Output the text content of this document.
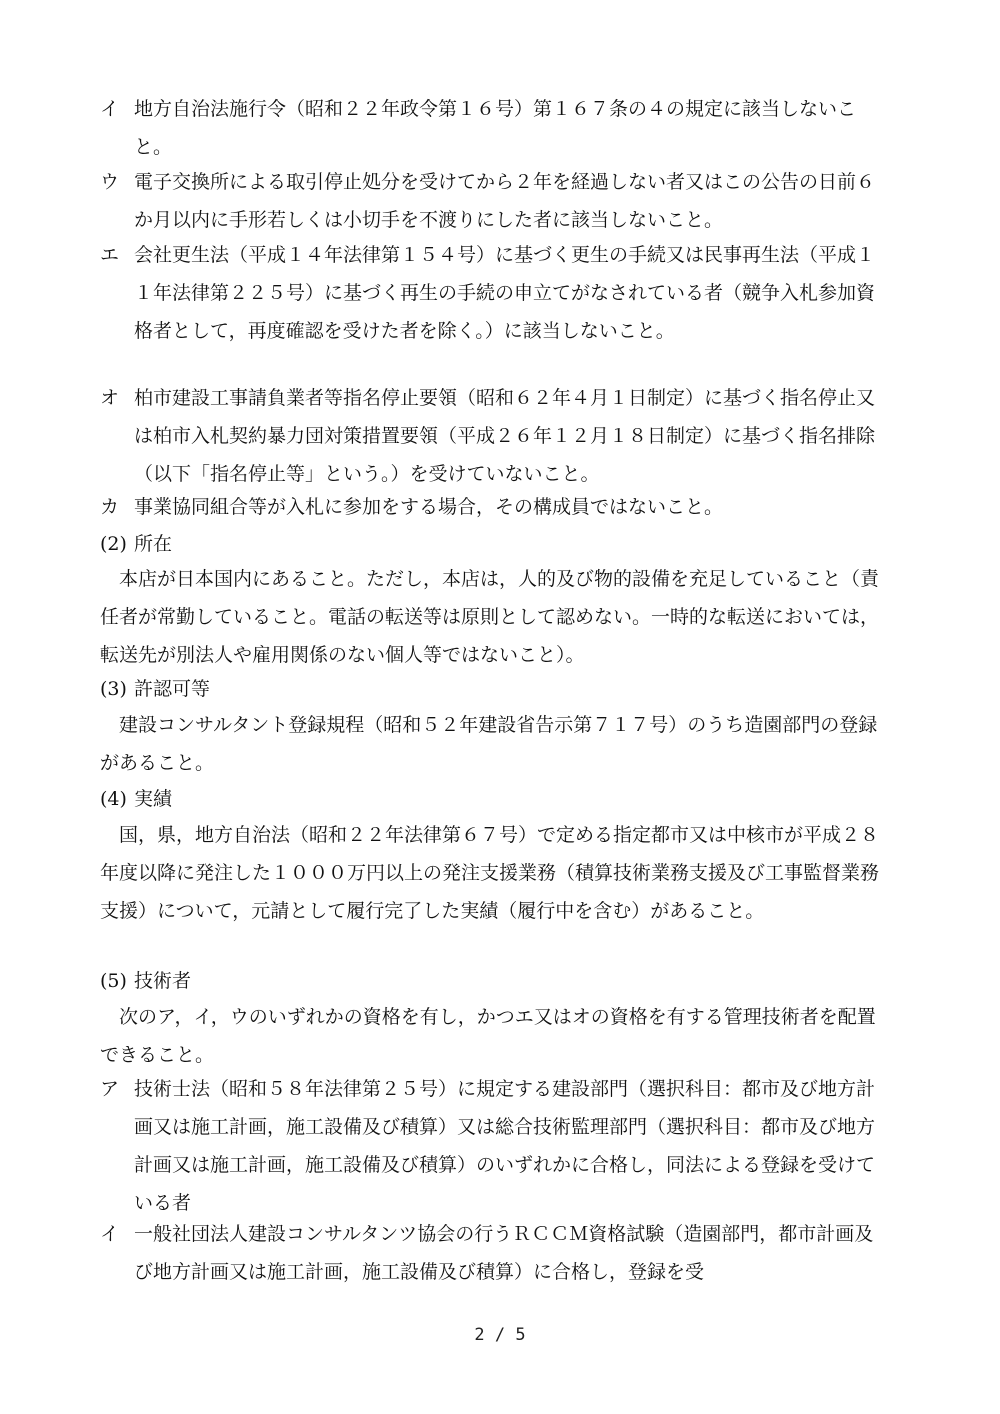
イ 地方自治法施行令（昭和２２年政令第１６号）第１６７条の４の規定に該当しないこと。
ウ 電子交換所による取引停止処分を受けてから２年を経過しない者又はこの公告の日前６か月以内に手形若しくは小切手を不渡りにした者に該当しないこと。
エ 会社更生法（平成１４年法律第１５４号）に基づく更生の手続又は民事再生法（平成１１年法律第２２５号）に基づく再生の手続の申立てがなされている者（競争入札参加資格者として，再度確認を受けた者を除く。）に該当しないこと。
オ 柏市建設工事請負業者等指名停止要領（昭和６２年４月１日制定）に基づく指名停止又は柏市入札契約暴力団対策措置要領（平成２６年１２月１８日制定）に基づく指名排除（以下「指名停止等」という。）を受けていないこと。
カ 事業協同組合等が入札に参加をする場合，その構成員ではないこと。
(2) 所在
本店が日本国内にあること。ただし，本店は，人的及び物的設備を充足していること（責任者が常勤していること。電話の転送等は原則として認めない。一時的な転送においては，転送先が別法人や雇用関係のない個人等ではないこと）。
(3) 許認可等
建設コンサルタント登録規程（昭和５２年建設省告示第７１７号）のうち造園部門の登録があること。
(4) 実績
国，県，地方自治法（昭和２２年法律第６７号）で定める指定都市又は中核市が平成２８年度以降に発注した１０００万円以上の発注支援業務（積算技術業務支援及び工事監督業務支援）について，元請として履行完了した実績（履行中を含む）があること。
(5) 技術者
次のア，イ，ウのいずれかの資格を有し，かつエ又はオの資格を有する管理技術者を配置できること。
ア 技術士法（昭和５８年法律第２５号）に規定する建設部門（選択科目：都市及び地方計画又は施工計画，施工設備及び積算）又は総合技術監理部門（選択科目：都市及び地方計画又は施工計画，施工設備及び積算）のいずれかに合格し，同法による登録を受けている者
イ 一般社団法人建設コンサルタンツ協会の行うＲＣＣＭ資格試験（造園部門，都市計画及び地方計画又は施工計画，施工設備及び積算）に合格し，登録を受
2 / 5
